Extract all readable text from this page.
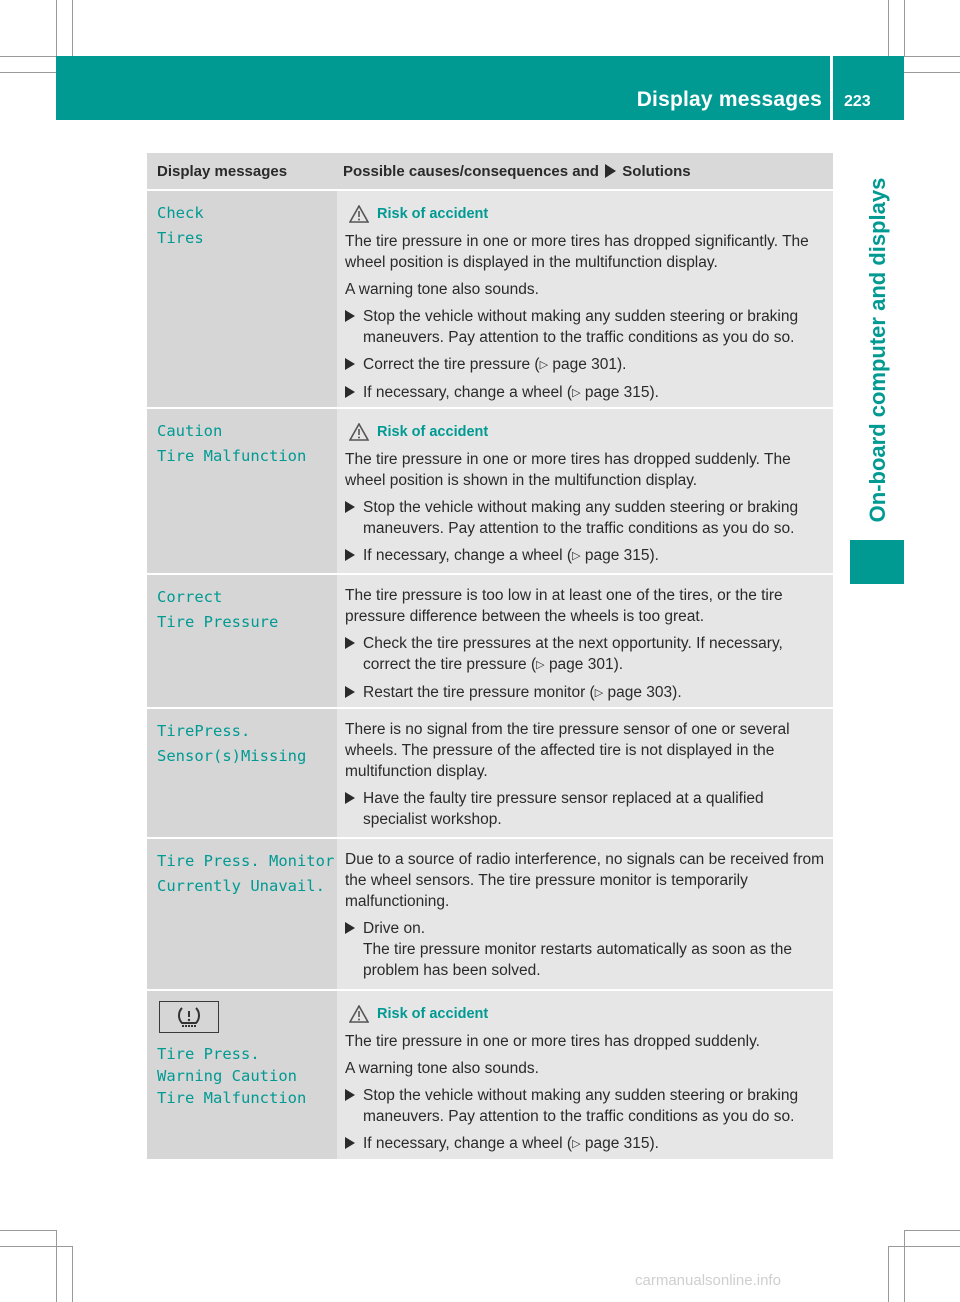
Display messages 223
On-board computer and displays
Display messages	Possible causes/consequences and Solutions
Check
Tires
Risk of accident

The tire pressure in one or more tires has dropped significantly. The wheel position is displayed in the multifunction display.

A warning tone also sounds.

Stop the vehicle without making any sudden steering or braking maneuvers. Pay attention to the traffic conditions as you do so.
Correct the tire pressure (▷ page 301).
If necessary, change a wheel (▷ page 315).
Caution
Tire Malfunction
Risk of accident

The tire pressure in one or more tires has dropped suddenly. The wheel position is shown in the multifunction display.

Stop the vehicle without making any sudden steering or braking maneuvers. Pay attention to the traffic conditions as you do so.
If necessary, change a wheel (▷ page 315).
Correct
Tire Pressure

The tire pressure is too low in at least one of the tires, or the tire pressure difference between the wheels is too great.

Check the tire pressures at the next opportunity. If necessary, correct the tire pressure (▷ page 301).
Restart the tire pressure monitor (▷ page 303).
TirePress.
Sensor(s)Missing

There is no signal from the tire pressure sensor of one or several wheels. The pressure of the affected tire is not displayed in the multifunction display.

Have the faulty tire pressure sensor replaced at a qualified specialist workshop.
Tire Press. Monitor
Currently Unavail.

Due to a source of radio interference, no signals can be received from the wheel sensors. The tire pressure monitor is temporarily malfunctioning.

Drive on.
The tire pressure monitor restarts automatically as soon as the problem has been solved.
Tire Press.
Warning Caution
Tire Malfunction
Risk of accident

The tire pressure in one or more tires has dropped suddenly.

A warning tone also sounds.

Stop the vehicle without making any sudden steering or braking maneuvers. Pay attention to the traffic conditions as you do so.
If necessary, change a wheel (▷ page 315).
carmanualsonline.info
